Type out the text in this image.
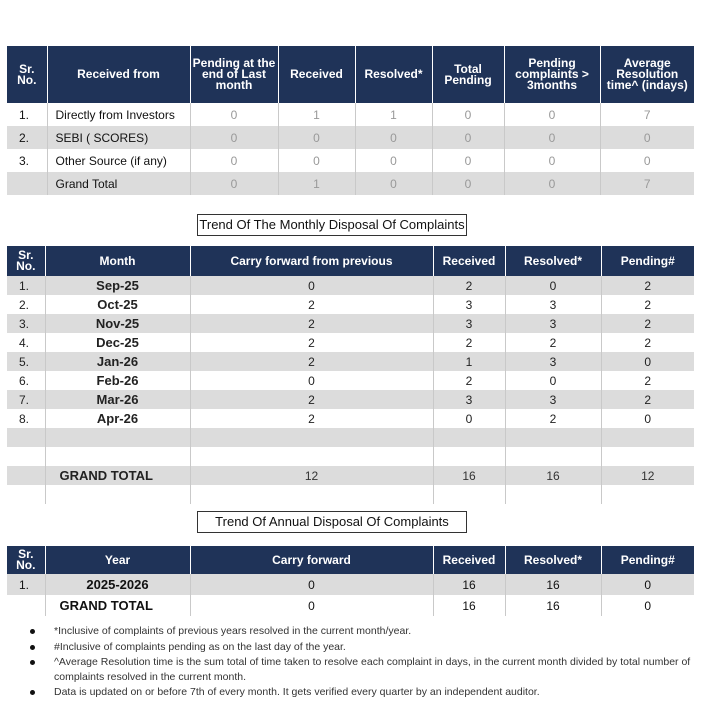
Sr. No.	Received from	Pending at the end of Last month	Received	Resolved*	Total Pending	Pending complaints > 3months	Average Resolution time^ (indays)
1.	Directly from Investors	0	1	1	0	0	7
2.	SEBI ( SCORES)	0	0	0	0	0	0
3.	Other Source (if any)	0	0	0	0	0	0
	Grand Total	0	1	0	0	0	7
Trend Of The Monthly Disposal Of Complaints
Sr. No.	Month	Carry forward from previous	Received	Resolved*	Pending#
1.	Sep-25	0	2	0	2
2.	Oct-25	2	3	3	2
3.	Nov-25	2	3	3	2
4.	Dec-25	2	2	2	2
5.	Jan-26	2	1	3	0
6.	Feb-26	0	2	0	2
7.	Mar-26	2	3	3	2
8.	Apr-26	2	0	2	0

	GRAND TOTAL	12	16	16	12

Trend Of Annual Disposal Of Complaints
Sr. No.	Year	Carry forward	Received	Resolved*	Pending#
1.	2025-2026	0	16	16	0
	GRAND TOTAL	0	16	16	0
*Inclusive of complaints of previous years resolved in the current month/year.
#Inclusive of complaints pending as on the last day of the year.
^Average Resolution time is the sum total of time taken to resolve each complaint in days, in the current month divided by total number of complaints resolved in the current month.
Data is updated on or before 7th of every month. It gets verified every quarter by an independent auditor.
